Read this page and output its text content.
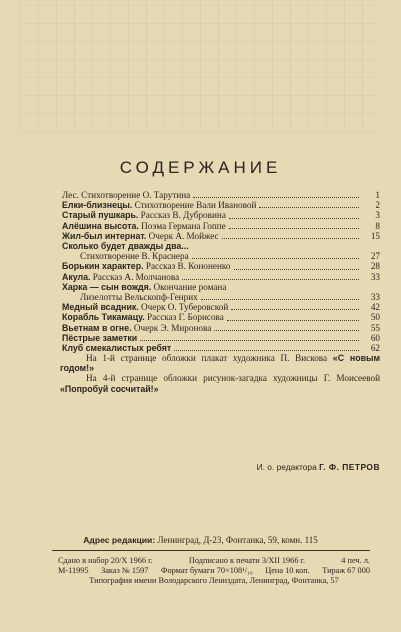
СОДЕРЖАНИЕ
Лес. Стихотворение О. Тарутина	1
Елки-близнецы. Стихотворение Вали Ивановой	2
Старый пушкарь. Рассказ В. Дубровина	3
Алёшина высота. Поэма Германа Гоппе	8
Жил-был интернат. Очерк А. Мойжес	15
Сколько будет дважды два...
Стихотворение В. Краснера	27
Борькин характер. Рассказ В. Кононенко	28
Акула. Рассказ А. Молчанова	33
Харка — сын вождя. Окончание романа
Лизелотты Вельскопф-Генрих	33
Медный всадник. Очерк О. Туберовской	42
Корабль Тикамацу. Рассказ Г. Борисова	50
Вьетнам в огне. Очерк Э. Миронова	55
Пёстрые заметки	60
Клуб смекалистых ребят	62

На 1-й странице обложки плакат художника П. Вискова «С новым годом!»

На 4-й странице обложки рисунок-загадка художницы Г. Моисеевой «Попробуй сосчитай!»

И. о. редактора Г. Ф. ПЕТРОВ
Адрес редакции: Ленинград, Д-23, Фонтанка, 59, комн. 115
Сдано в набор 20/X 1966 г.	Подписано к печати 3/XII 1966 г.	4 печ. л.
М-11995 Заказ № 1597 Формат бумаги 70×108¹/₁₆ Цена 10 коп. Тираж 67 000
Типография имени Володарского Лениздата, Ленинград, Фонтанка, 57
